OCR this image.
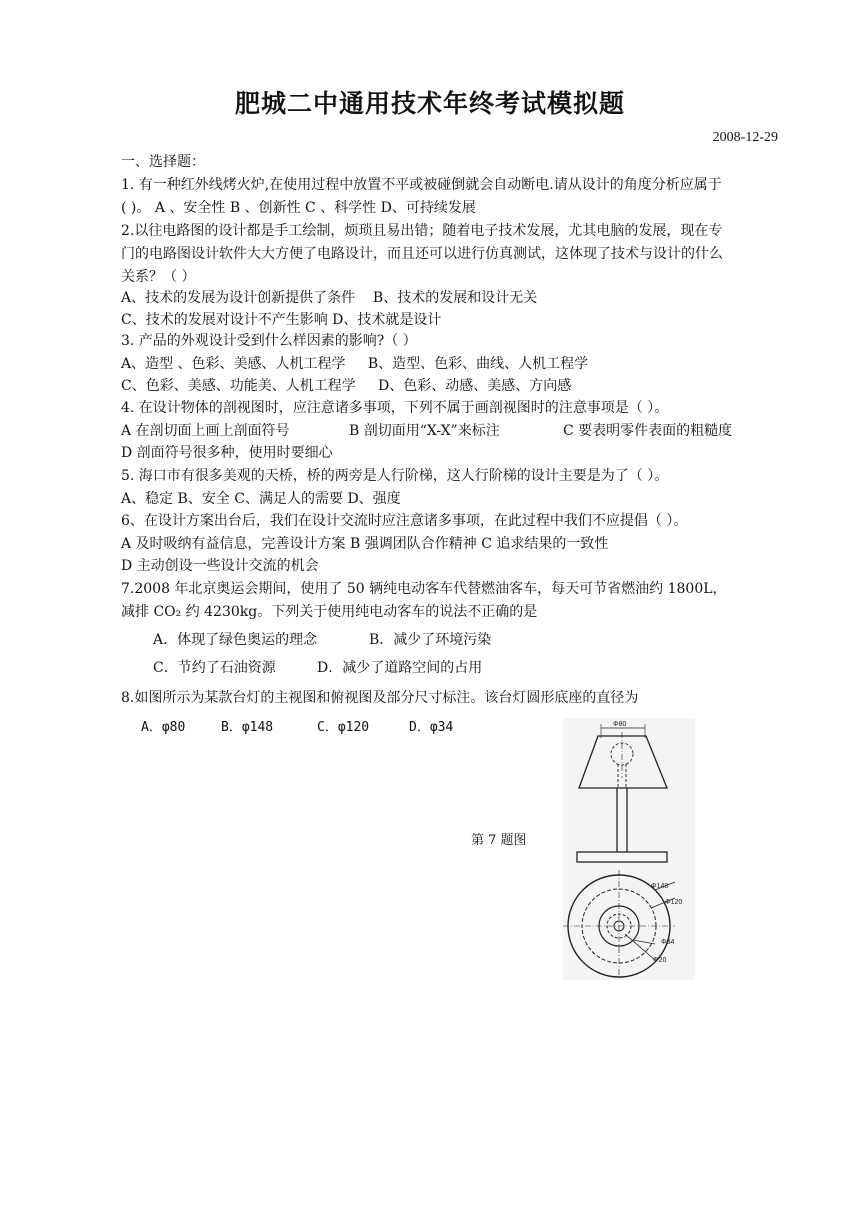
肥城二中通用技术年终考试模拟题
2008-12-29
一、选择题：
1. 有一种红外线烤火炉,在使用过程中放置不平或被碰倒就会自动断电.请从设计的角度分析应属于
( )。 A 、安全性 B 、创新性 C 、科学性 D、可持续发展
2.以往电路图的设计都是手工绘制，烦琐且易出错；随着电子技术发展，尤其电脑的发展，现在专
门的电路图设计软件大大方便了电路设计，而且还可以进行仿真测试，这体现了技术与设计的什么
关系？（ ）
A、技术的发展为设计创新提供了条件 B、技术的发展和设计无关
C、技术的发展对设计不产生影响 D、技术就是设计
3. 产品的外观设计受到什么样因素的影响?（ ）
A、造型 、色彩、美感、人机工程学 B、造型、色彩、曲线、人机工程学
C、色彩、美感、功能美、人机工程学 D、色彩、动感、美感、方向感
4. 在设计物体的剖视图时，应注意诸多事项，下列不属于画剖视图时的注意事项是（ ）。
A 在剖切面上画上剖面符号	B 剖切面用“X-X”来标注	C 要表明零件表面的粗糙度
D 剖面符号很多种，使用时要细心
5. 海口市有很多美观的天桥，桥的两旁是人行阶梯，这人行阶梯的设计主要是为了（ ）。
A、稳定 B、安全 C、满足人的需要 D、强度
6、在设计方案出台后，我们在设计交流时应注意诸多事项，在此过程中我们不应提倡（ ）。
A 及时吸纳有益信息，完善设计方案 B 强调团队合作精神 C 追求结果的一致性
D 主动创设一些设计交流的机会
7.2008 年北京奥运会期间，使用了 50 辆纯电动客车代替燃油客车，每天可节省燃油约 1800L，
减排 CO₂ 约 4230kg。下列关于使用纯电动客车的说法不正确的是
A．体现了绿色奥运的理念	B．减少了环境污染
C．节约了石油资源	D．减少了道路空间的占用
8.如图所示为某款台灯的主视图和俯视图及部分尺寸标注。该台灯圆形底座的直径为
A．φ80	B．φ148	C．φ120	D．φ34
第 7 题图
Φ80
Φ148
Φ120
Φ34
Φ20
